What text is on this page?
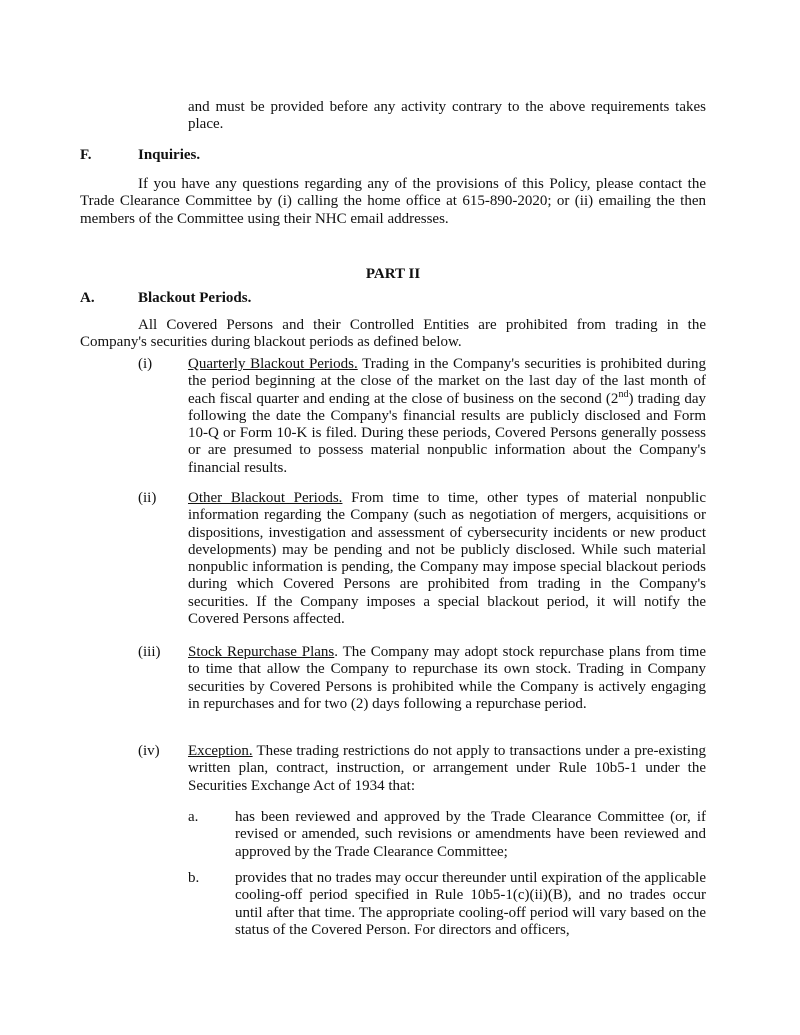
and must be provided before any activity contrary to the above requirements takes place.

F.	Inquiries.

If you have any questions regarding any of the provisions of this Policy, please contact the Trade Clearance Committee by (i) calling the home office at 615-890-2020; or (ii) emailing the then members of the Committee using their NHC email addresses.

PART II
A.	Blackout Periods.

All Covered Persons and their Controlled Entities are prohibited from trading in the Company's securities during blackout periods as defined below.

(i) Quarterly Blackout Periods. Trading in the Company's securities is prohibited during the period beginning at the close of the market on the last day of the last month of each fiscal quarter and ending at the close of business on the second (2nd) trading day following the date the Company's financial results are publicly disclosed and Form 10-Q or Form 10-K is filed. During these periods, Covered Persons generally possess or are presumed to possess material nonpublic information about the Company's financial results.

(ii) Other Blackout Periods. From time to time, other types of material nonpublic information regarding the Company (such as negotiation of mergers, acquisitions or dispositions, investigation and assessment of cybersecurity incidents or new product developments) may be pending and not be publicly disclosed. While such material nonpublic information is pending, the Company may impose special blackout periods during which Covered Persons are prohibited from trading in the Company's securities. If the Company imposes a special blackout period, it will notify the Covered Persons affected.

(iii) Stock Repurchase Plans. The Company may adopt stock repurchase plans from time to time that allow the Company to repurchase its own stock. Trading in Company securities by Covered Persons is prohibited while the Company is actively engaging in repurchases and for two (2) days following a repurchase period.

(iv) Exception. These trading restrictions do not apply to transactions under a pre-existing written plan, contract, instruction, or arrangement under Rule 10b5-1 under the Securities Exchange Act of 1934 that:

a. has been reviewed and approved by the Trade Clearance Committee (or, if revised or amended, such revisions or amendments have been reviewed and approved by the Trade Clearance Committee;

b. provides that no trades may occur thereunder until expiration of the applicable cooling-off period specified in Rule 10b5-1(c)(ii)(B), and no trades occur until after that time. The appropriate cooling-off period will vary based on the status of the Covered Person. For directors and officers,
